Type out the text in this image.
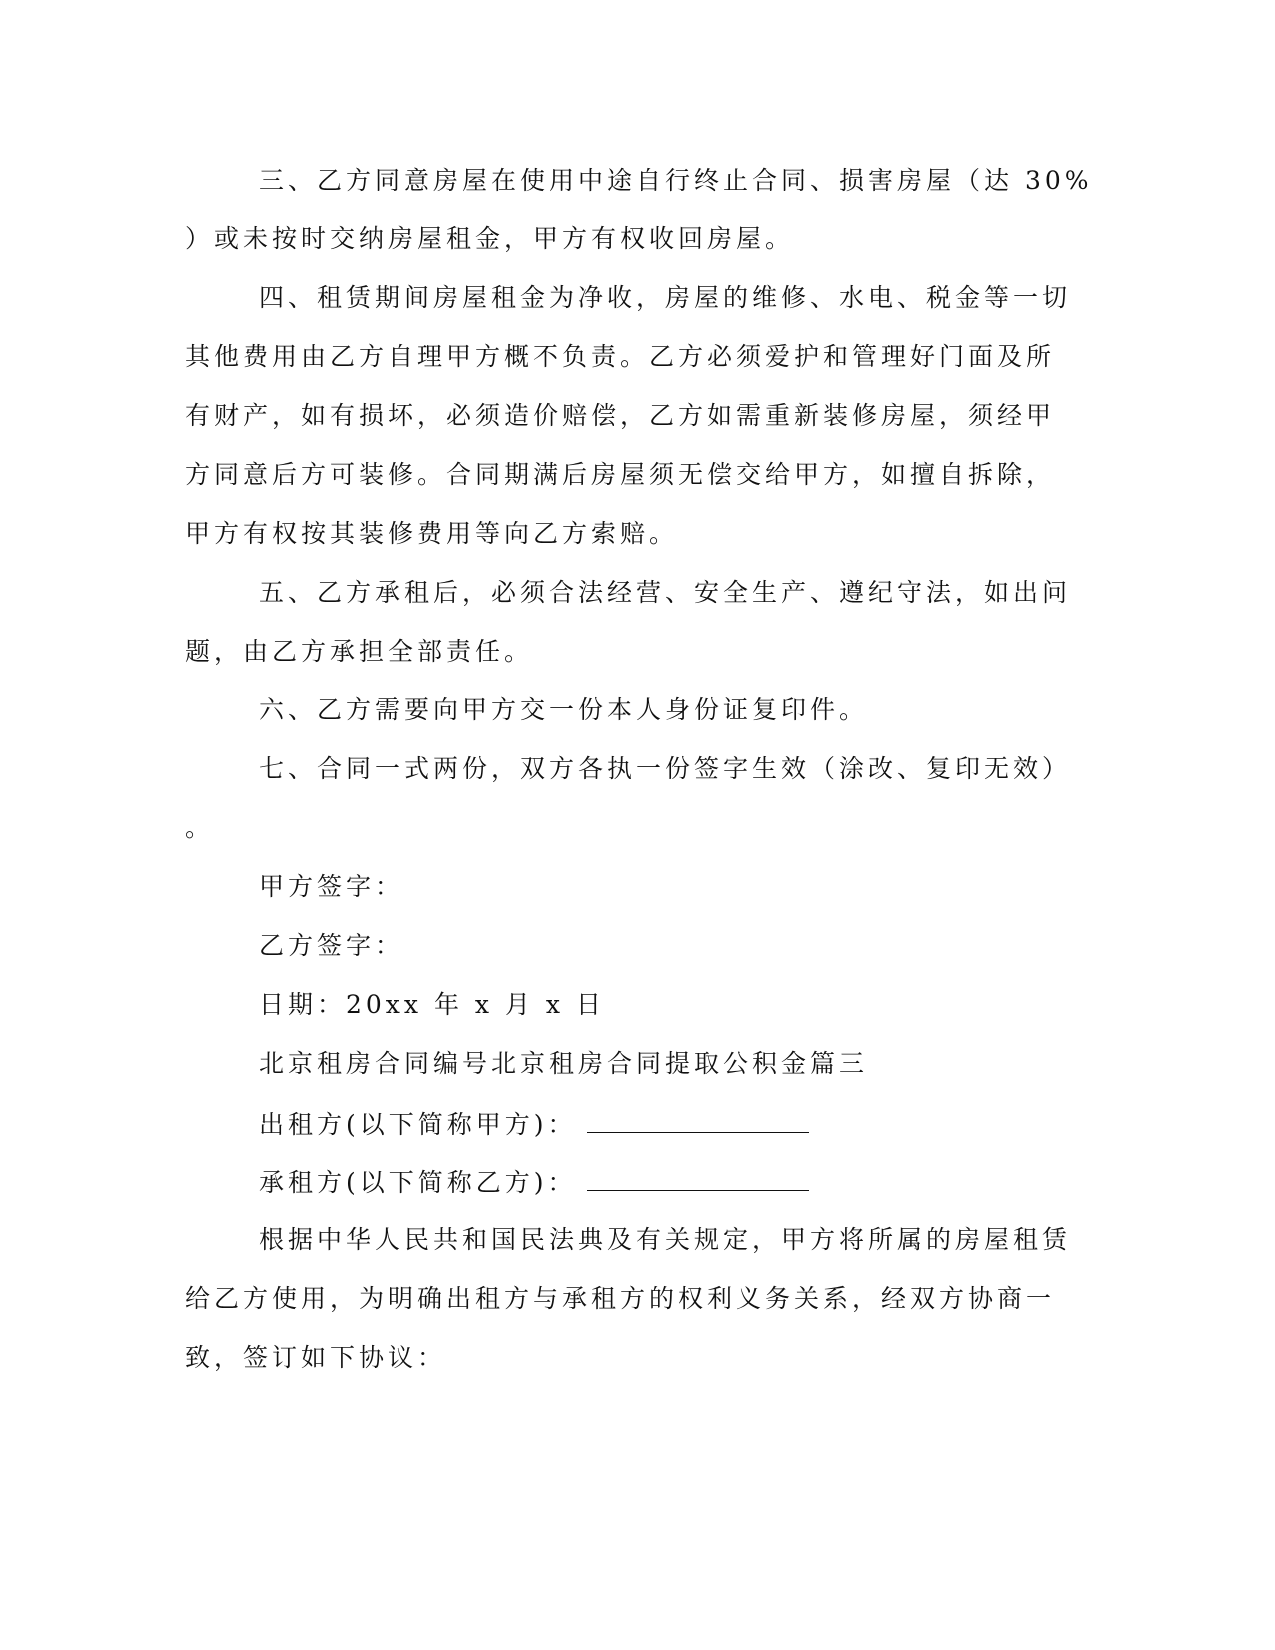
三、乙方同意房屋在使用中途自行终止合同、损害房屋（达 30%

）或未按时交纳房屋租金，甲方有权收回房屋。

四、租赁期间房屋租金为净收，房屋的维修、水电、税金等一切

其他费用由乙方自理甲方概不负责。乙方必须爱护和管理好门面及所

有财产，如有损坏，必须造价赔偿，乙方如需重新装修房屋，须经甲

方同意后方可装修。合同期满后房屋须无偿交给甲方，如擅自拆除，

甲方有权按其装修费用等向乙方索赔。

五、乙方承租后，必须合法经营、安全生产、遵纪守法，如出问

题，由乙方承担全部责任。

六、乙方需要向甲方交一份本人身份证复印件。

七、合同一式两份，双方各执一份签字生效（涂改、复印无效）

。

甲方签字：

乙方签字：

日期：20xx 年 x 月 x 日

北京租房合同编号北京租房合同提取公积金篇三

出租方(以下简称甲方)：

承租方(以下简称乙方)：

根据中华人民共和国民法典及有关规定，甲方将所属的房屋租赁

给乙方使用，为明确出租方与承租方的权利义务关系，经双方协商一

致，签订如下协议：
